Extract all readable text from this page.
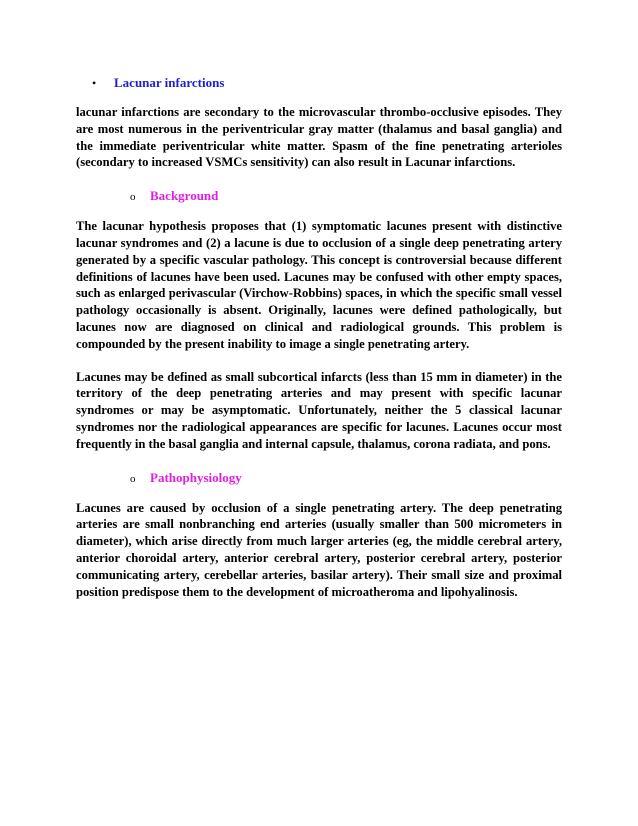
•	Lacunar infarctions

lacunar infarctions are secondary to the microvascular thrombo-occlusive episodes. They are most numerous in the periventricular gray matter (thalamus and basal ganglia) and the immediate periventricular white matter. Spasm of the fine penetrating arterioles (secondary to increased VSMCs sensitivity) can also result in Lacunar infarctions.

o	Background

The lacunar hypothesis proposes that (1) symptomatic lacunes present with distinctive lacunar syndromes and (2) a lacune is due to occlusion of a single deep penetrating artery generated by a specific vascular pathology. This concept is controversial because different definitions of lacunes have been used. Lacunes may be confused with other empty spaces, such as enlarged perivascular (Virchow-Robbins) spaces, in which the specific small vessel pathology occasionally is absent. Originally, lacunes were defined pathologically, but lacunes now are diagnosed on clinical and radiological grounds. This problem is compounded by the present inability to image a single penetrating artery.

Lacunes may be defined as small subcortical infarcts (less than 15 mm in diameter) in the territory of the deep penetrating arteries and may present with specific lacunar syndromes or may be asymptomatic. Unfortunately, neither the 5 classical lacunar syndromes nor the radiological appearances are specific for lacunes. Lacunes occur most frequently in the basal ganglia and internal capsule, thalamus, corona radiata, and pons.

o	Pathophysiology

Lacunes are caused by occlusion of a single penetrating artery. The deep penetrating arteries are small nonbranching end arteries (usually smaller than 500 micrometers in diameter), which arise directly from much larger arteries (eg, the middle cerebral artery, anterior choroidal artery, anterior cerebral artery, posterior cerebral artery, posterior communicating artery, cerebellar arteries, basilar artery). Their small size and proximal position predispose them to the development of microatheroma and lipohyalinosis.
